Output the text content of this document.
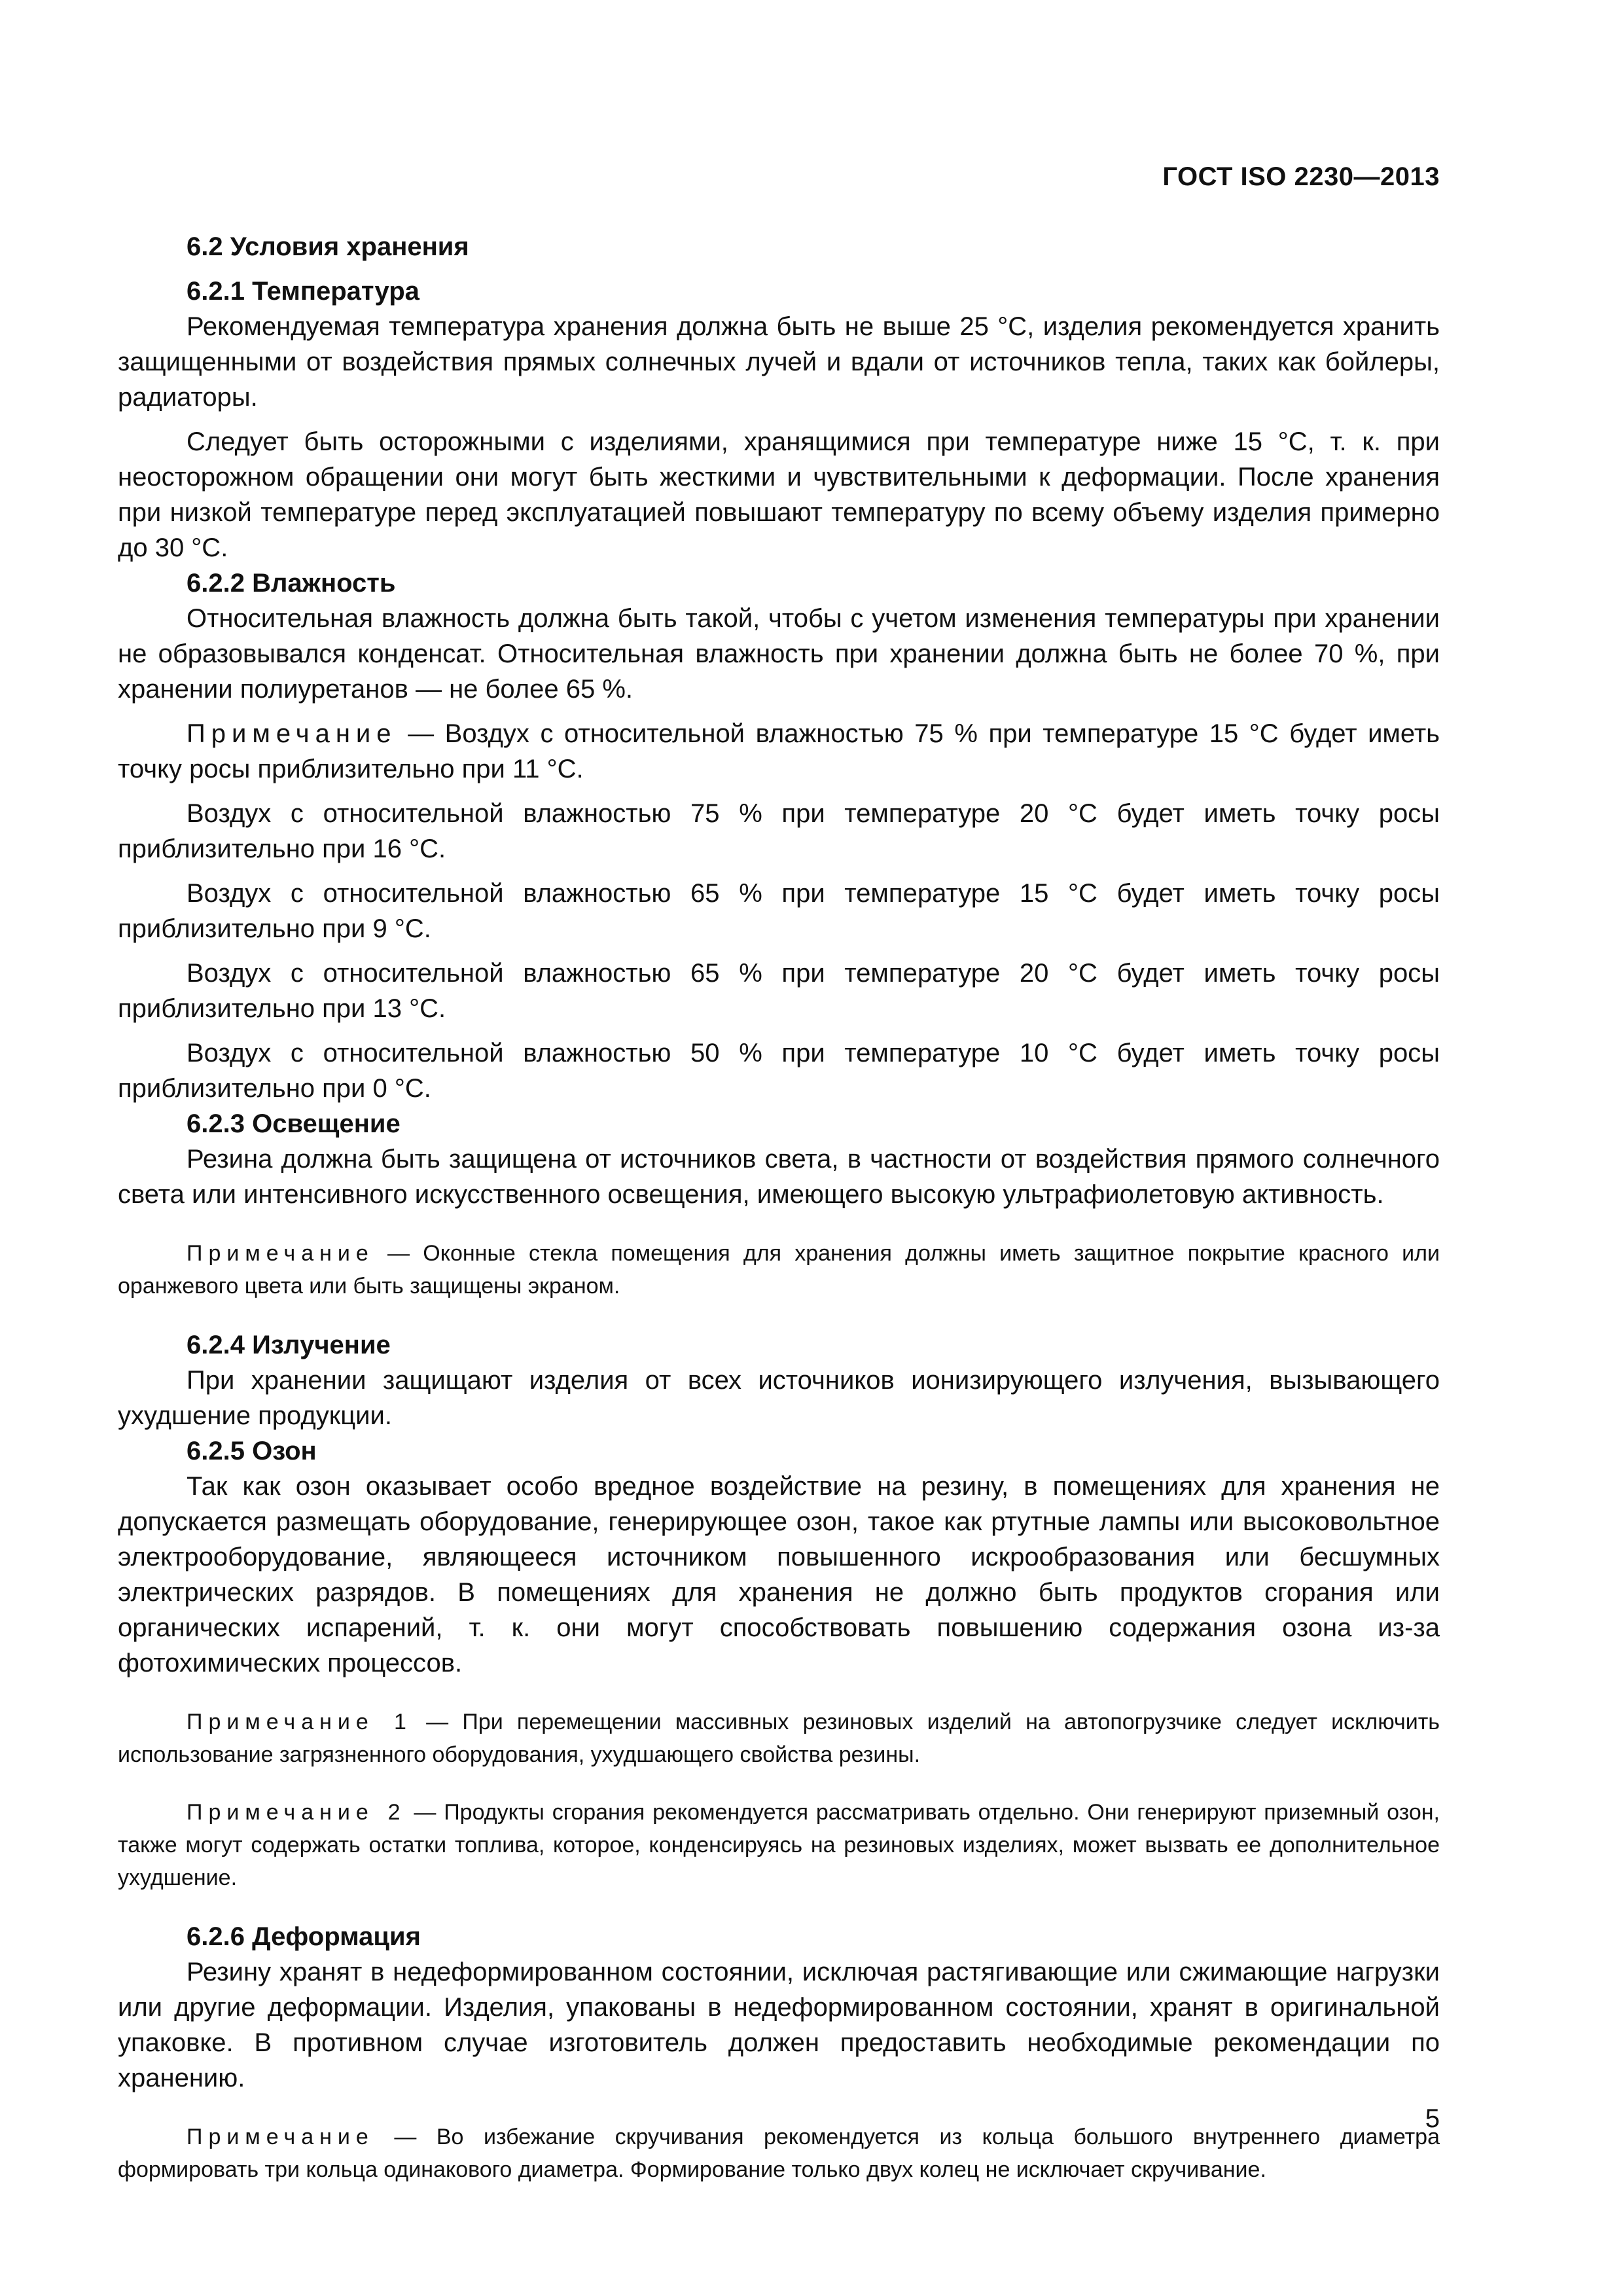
ГОСТ ISO 2230—2013

6.2 Условия хранения

6.2.1 Температура

Рекомендуемая температура хранения должна быть не выше 25 °С, изделия рекомендуется хранить защищенными от воздействия прямых солнечных лучей и вдали от источников тепла, таких как бойлеры, радиаторы.

Следует быть осторожными с изделиями, хранящимися при температуре ниже 15 °С, т. к. при неосторожном обращении они могут быть жесткими и чувствительными к деформации. После хранения при низкой температуре перед эксплуатацией повышают температуру по всему объему изделия примерно до 30 °С.

6.2.2 Влажность

Относительная влажность должна быть такой, чтобы с учетом изменения температуры при хранении не образовывался конденсат. Относительная влажность при хранении должна быть не более 70 %, при хранении полиуретанов — не более 65 %.

Примечание — Воздух с относительной влажностью 75 % при температуре 15 °С будет иметь точку росы приблизительно при 11 °С.

Воздух с относительной влажностью 75 % при температуре 20 °С будет иметь точку росы приблизительно при 16 °С.

Воздух с относительной влажностью 65 % при температуре 15 °С будет иметь точку росы приблизительно при 9 °С.

Воздух с относительной влажностью 65 % при температуре 20 °С будет иметь точку росы приблизительно при 13 °С.

Воздух с относительной влажностью 50 % при температуре 10 °С будет иметь точку росы приблизительно при 0 °С.

6.2.3 Освещение

Резина должна быть защищена от источников света, в частности от воздействия прямого солнечного света или интенсивного искусственного освещения, имеющего высокую ультрафиолетовую активность.

Примечание — Оконные стекла помещения для хранения должны иметь защитное покрытие красного или оранжевого цвета или быть защищены экраном.

6.2.4 Излучение

При хранении защищают изделия от всех источников ионизирующего излучения, вызывающего ухудшение продукции.

6.2.5 Озон

Так как озон оказывает особо вредное воздействие на резину, в помещениях для хранения не допускается размещать оборудование, генерирующее озон, такое как ртутные лампы или высоковольтное электрооборудование, являющееся источником повышенного искрообразования или бесшумных электрических разрядов. В помещениях для хранения не должно быть продуктов сгорания или органических испарений, т. к. они могут способствовать повышению содержания озона из-за фотохимических процессов.

Примечание 1 — При перемещении массивных резиновых изделий на автопогрузчике следует исключить использование загрязненного оборудования, ухудшающего свойства резины.

Примечание 2 — Продукты сгорания рекомендуется рассматривать отдельно. Они генерируют приземный озон, также могут содержать остатки топлива, которое, конденсируясь на резиновых изделиях, может вызвать ее дополнительное ухудшение.

6.2.6 Деформация

Резину хранят в недеформированном состоянии, исключая растягивающие или сжимающие нагрузки или другие деформации. Изделия, упакованы в недеформированном состоянии, хранят в оригинальной упаковке. В противном случае изготовитель должен предоставить необходимые рекомендации по хранению.

Примечание — Во избежание скручивания рекомендуется из кольца большого внутреннего диаметра формировать три кольца одинакового диаметра. Формирование только двух колец не исключает скручивание.

5
